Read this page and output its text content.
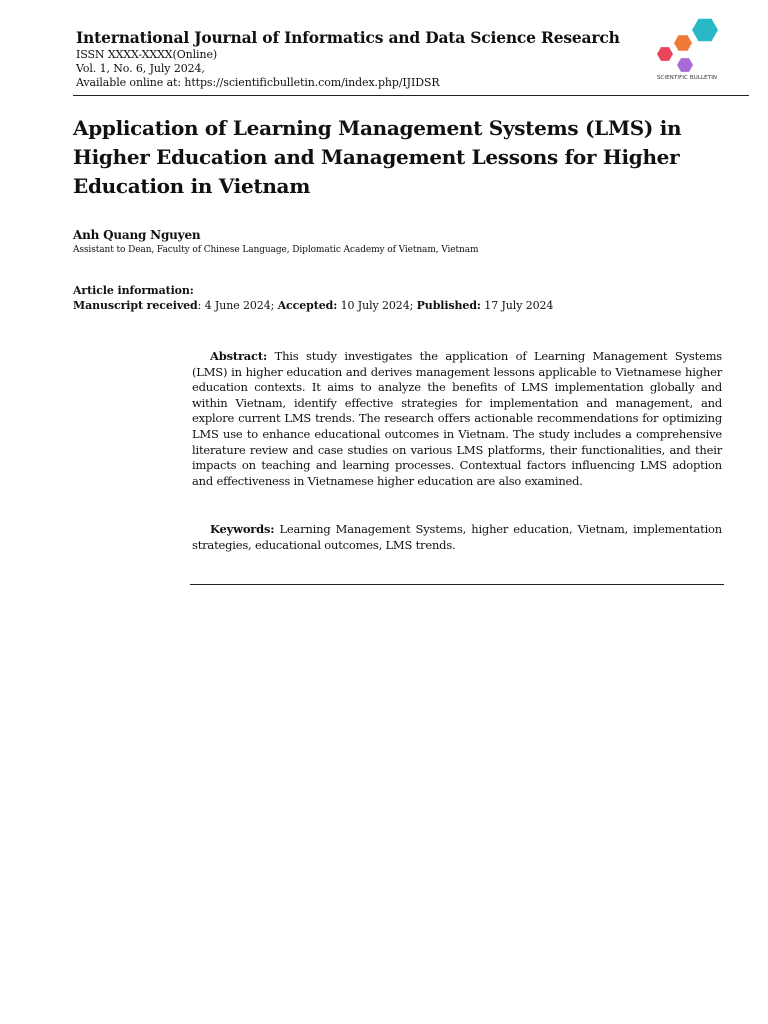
International Journal of Informatics and Data Science Research
ISSN XXXX-XXXX(Online)
Vol. 1, No. 6, July 2024,
Available online at: https://scientificbulletin.com/index.php/IJIDSR	SCIENTIFIC BULLETIN
Application of Learning Management Systems (LMS) in Higher Education and Management Lessons for Higher Education in Vietnam
Anh Quang Nguyen
Assistant to Dean, Faculty of Chinese Language, Diplomatic Academy of Vietnam, Vietnam
Article information:
Manuscript received: 4 June 2024; Accepted: 10 July 2024; Published: 17 July 2024
Abstract: This study investigates the application of Learning Management Systems (LMS) in higher education and derives management lessons applicable to Vietnamese higher education contexts. It aims to analyze the benefits of LMS implementation globally and within Vietnam, identify effective strategies for implementation and management, and explore current LMS trends. The research offers actionable recommendations for optimizing LMS use to enhance educational outcomes in Vietnam. The study includes a comprehensive literature review and case studies on various LMS platforms, their functionalities, and their impacts on teaching and learning processes. Contextual factors influencing LMS adoption and effectiveness in Vietnamese higher education are also examined.
Keywords: Learning Management Systems, higher education, Vietnam, implementation strategies, educational outcomes, LMS trends.
